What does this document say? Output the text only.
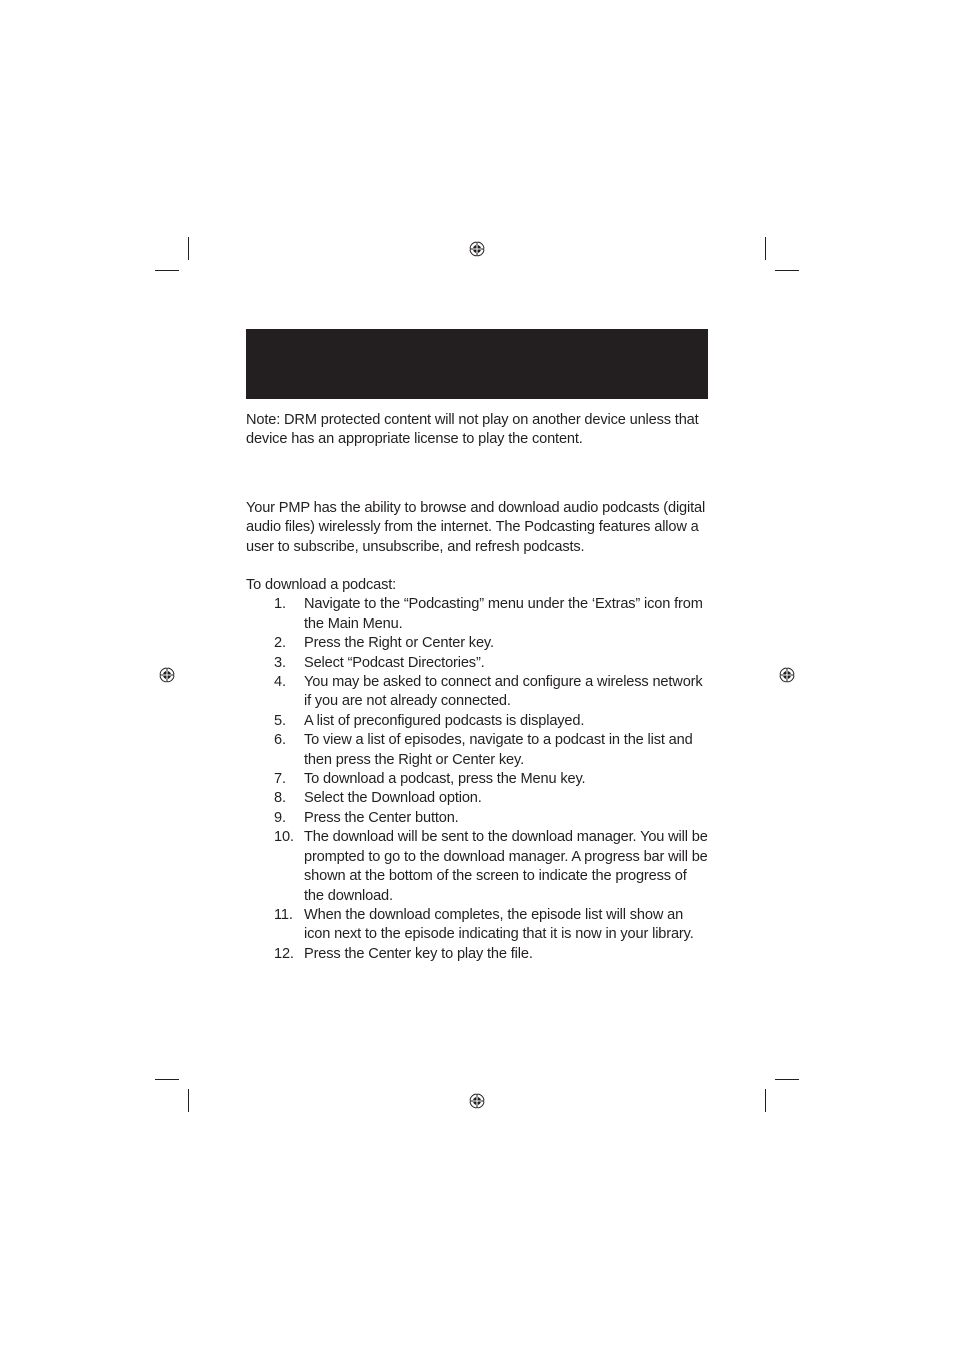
Note: DRM protected content will not play on another device unless that device has an appropriate license to play the content.

Your PMP has the ability to browse and download audio podcasts (digital audio files) wirelessly from the internet. The Podcasting features allow a user to subscribe, unsubscribe, and refresh podcasts.

To download a podcast:

1. Navigate to the “Podcasting” menu under the ‘Extras” icon from the Main Menu.
2. Press the Right or Center key.
3. Select “Podcast Directories”.
4. You may be asked to connect and configure a wireless network if you are not already connected.
5. A list of preconfigured podcasts is displayed.
6. To view a list of episodes, navigate to a podcast in the list and then press the Right or Center key.
7. To download a podcast, press the Menu key.
8. Select the Download option.
9. Press the Center button.
10. The download will be sent to the download manager. You will be prompted to go to the download manager. A progress bar will be shown at the bottom of the screen to indicate the progress of the download.
11. When the download completes, the episode list will show an icon next to the episode indicating that it is now in your library.
12. Press the Center key to play the file.
